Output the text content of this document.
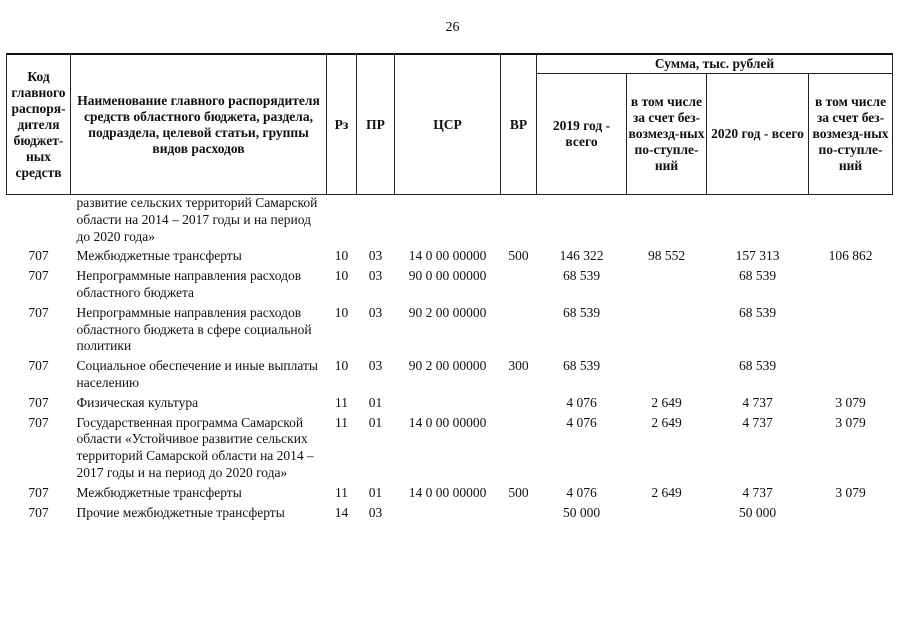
26
Код главного распоря-дителя бюджет-ных средств	Наименование главного распорядителя средств областного бюджета, раздела, подраздела, целевой статьи, группы видов расходов	Рз	ПР	ЦСР	ВР	Сумма, тыс. рублей			
						2019 год - всего	в том числе за счет без-возмезд-ных по-ступле-ний	2020 год - всего	в том числе за счет без-возмезд-ных по-ступле-ний
	развитие сельских территорий Самарской области на 2014 – 2017 годы и на период до 2020 года»								

707	Межбюджетные трансферты	10	03	14 0 00 00000	500	146 322	98 552	157 313	106 862

707	Непрограммные направления расходов областного бюджета	10	03	90 0 00 00000		68 539		68 539	

707	Непрограммные направления расходов областного бюджета в сфере социальной политики	10	03	90 2 00 00000		68 539		68 539	

707	Социальное обеспечение и иные выплаты населению	10	03	90 2 00 00000	300	68 539		68 539	

707	Физическая культура	11	01			4 076	2 649	4 737	3 079

707	Государственная программа Самарской области «Устойчивое развитие сельских территорий Самарской области на 2014 – 2017 годы и на период до 2020 года»	11	01	14 0 00 00000		4 076	2 649	4 737	3 079

707	Межбюджетные трансферты	11	01	14 0 00 00000	500	4 076	2 649	4 737	3 079

707	Прочие межбюджетные трансферты	14	03			50 000		50 000	
